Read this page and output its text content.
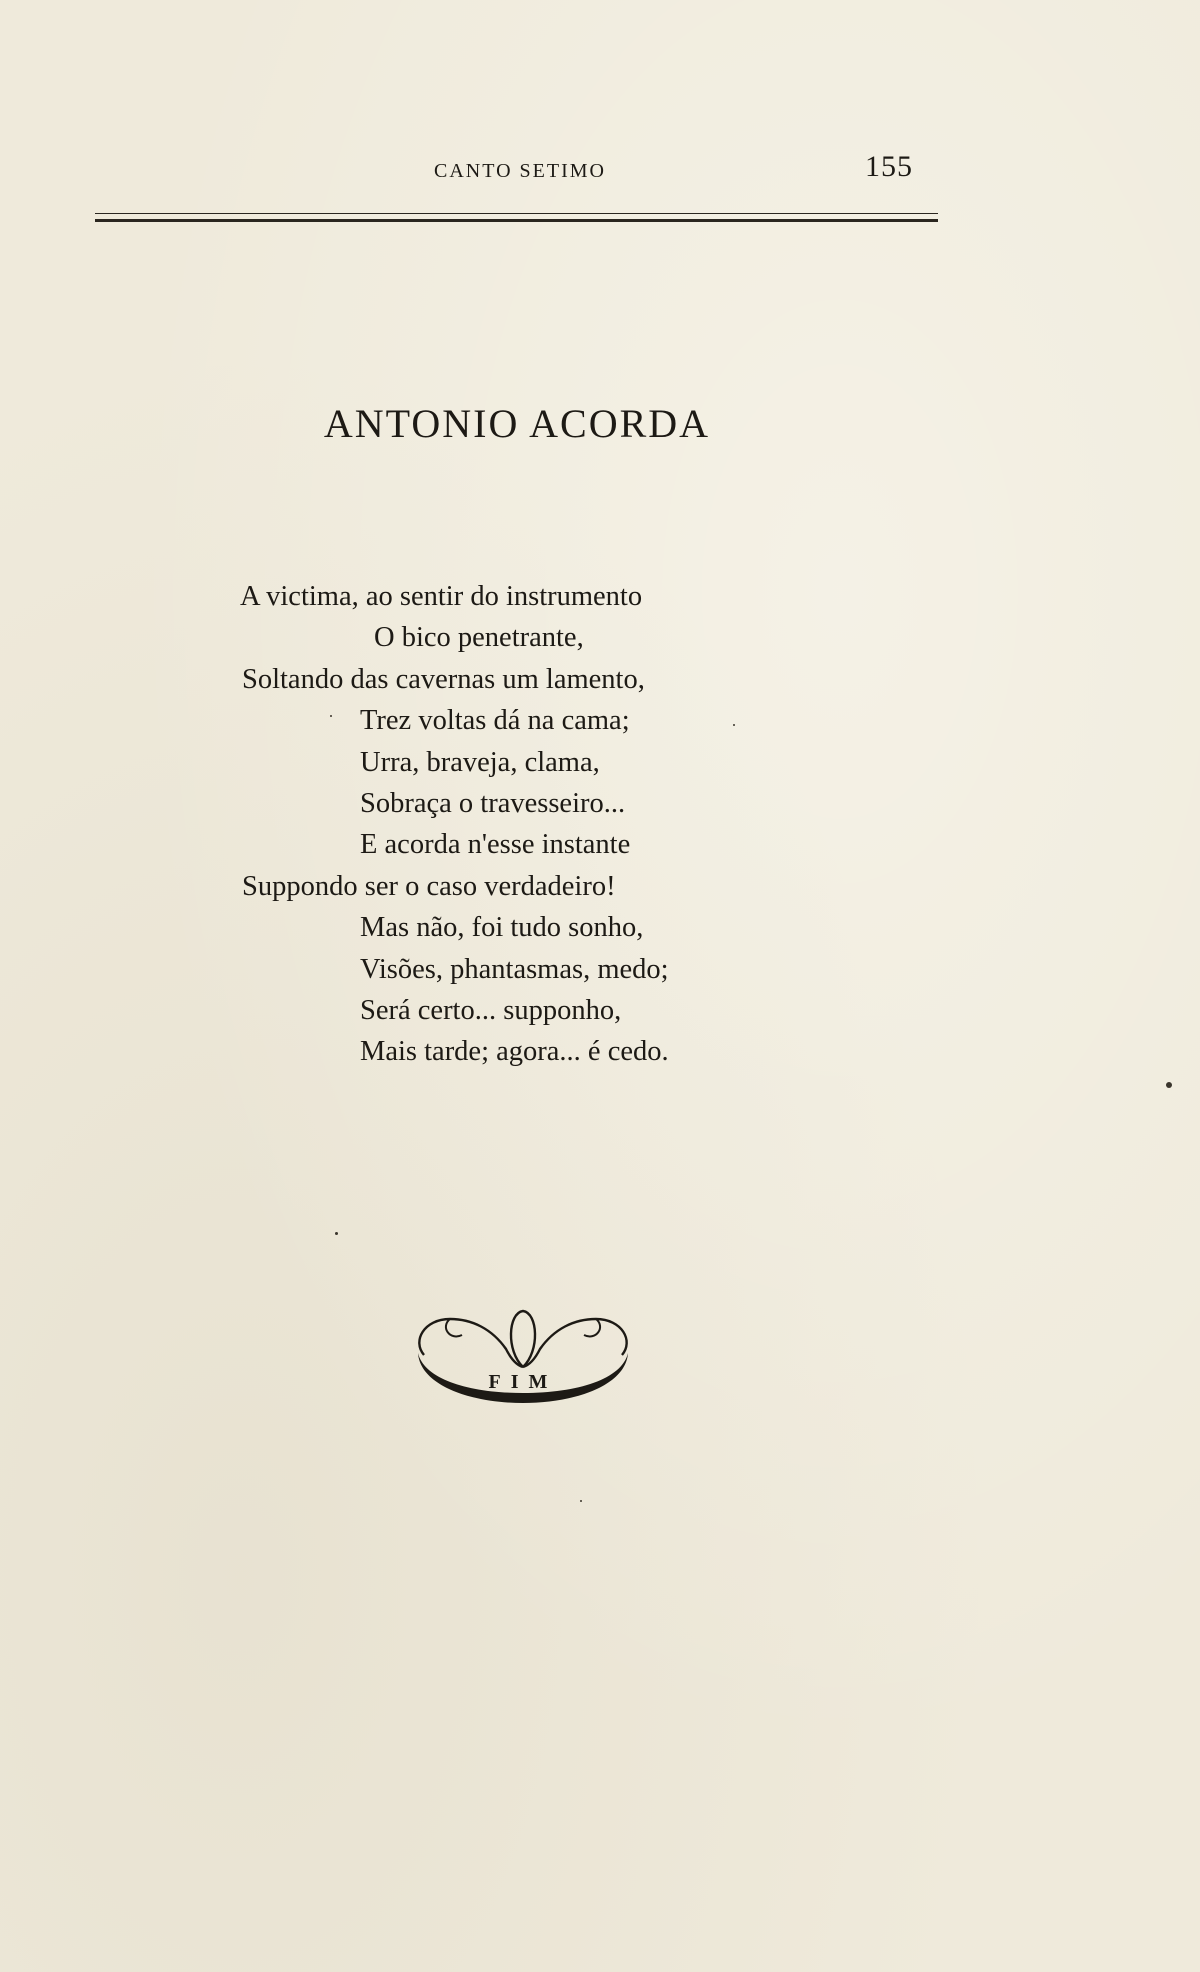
CANTO SETIMO	155
ANTONIO ACORDA
A victima, ao sentir do instrumento
O bico penetrante,
Soltando das cavernas um lamento,
Trez voltas dá na cama;
Urra, braveja, clama,
Sobraça o travesseiro...
E acorda n'esse instante
Suppondo ser o caso verdadeiro!
Mas não, foi tudo sonho,
Visões, phantasmas, medo;
Será certo... supponho,
Mais tarde; agora... é cedo.
FIM
